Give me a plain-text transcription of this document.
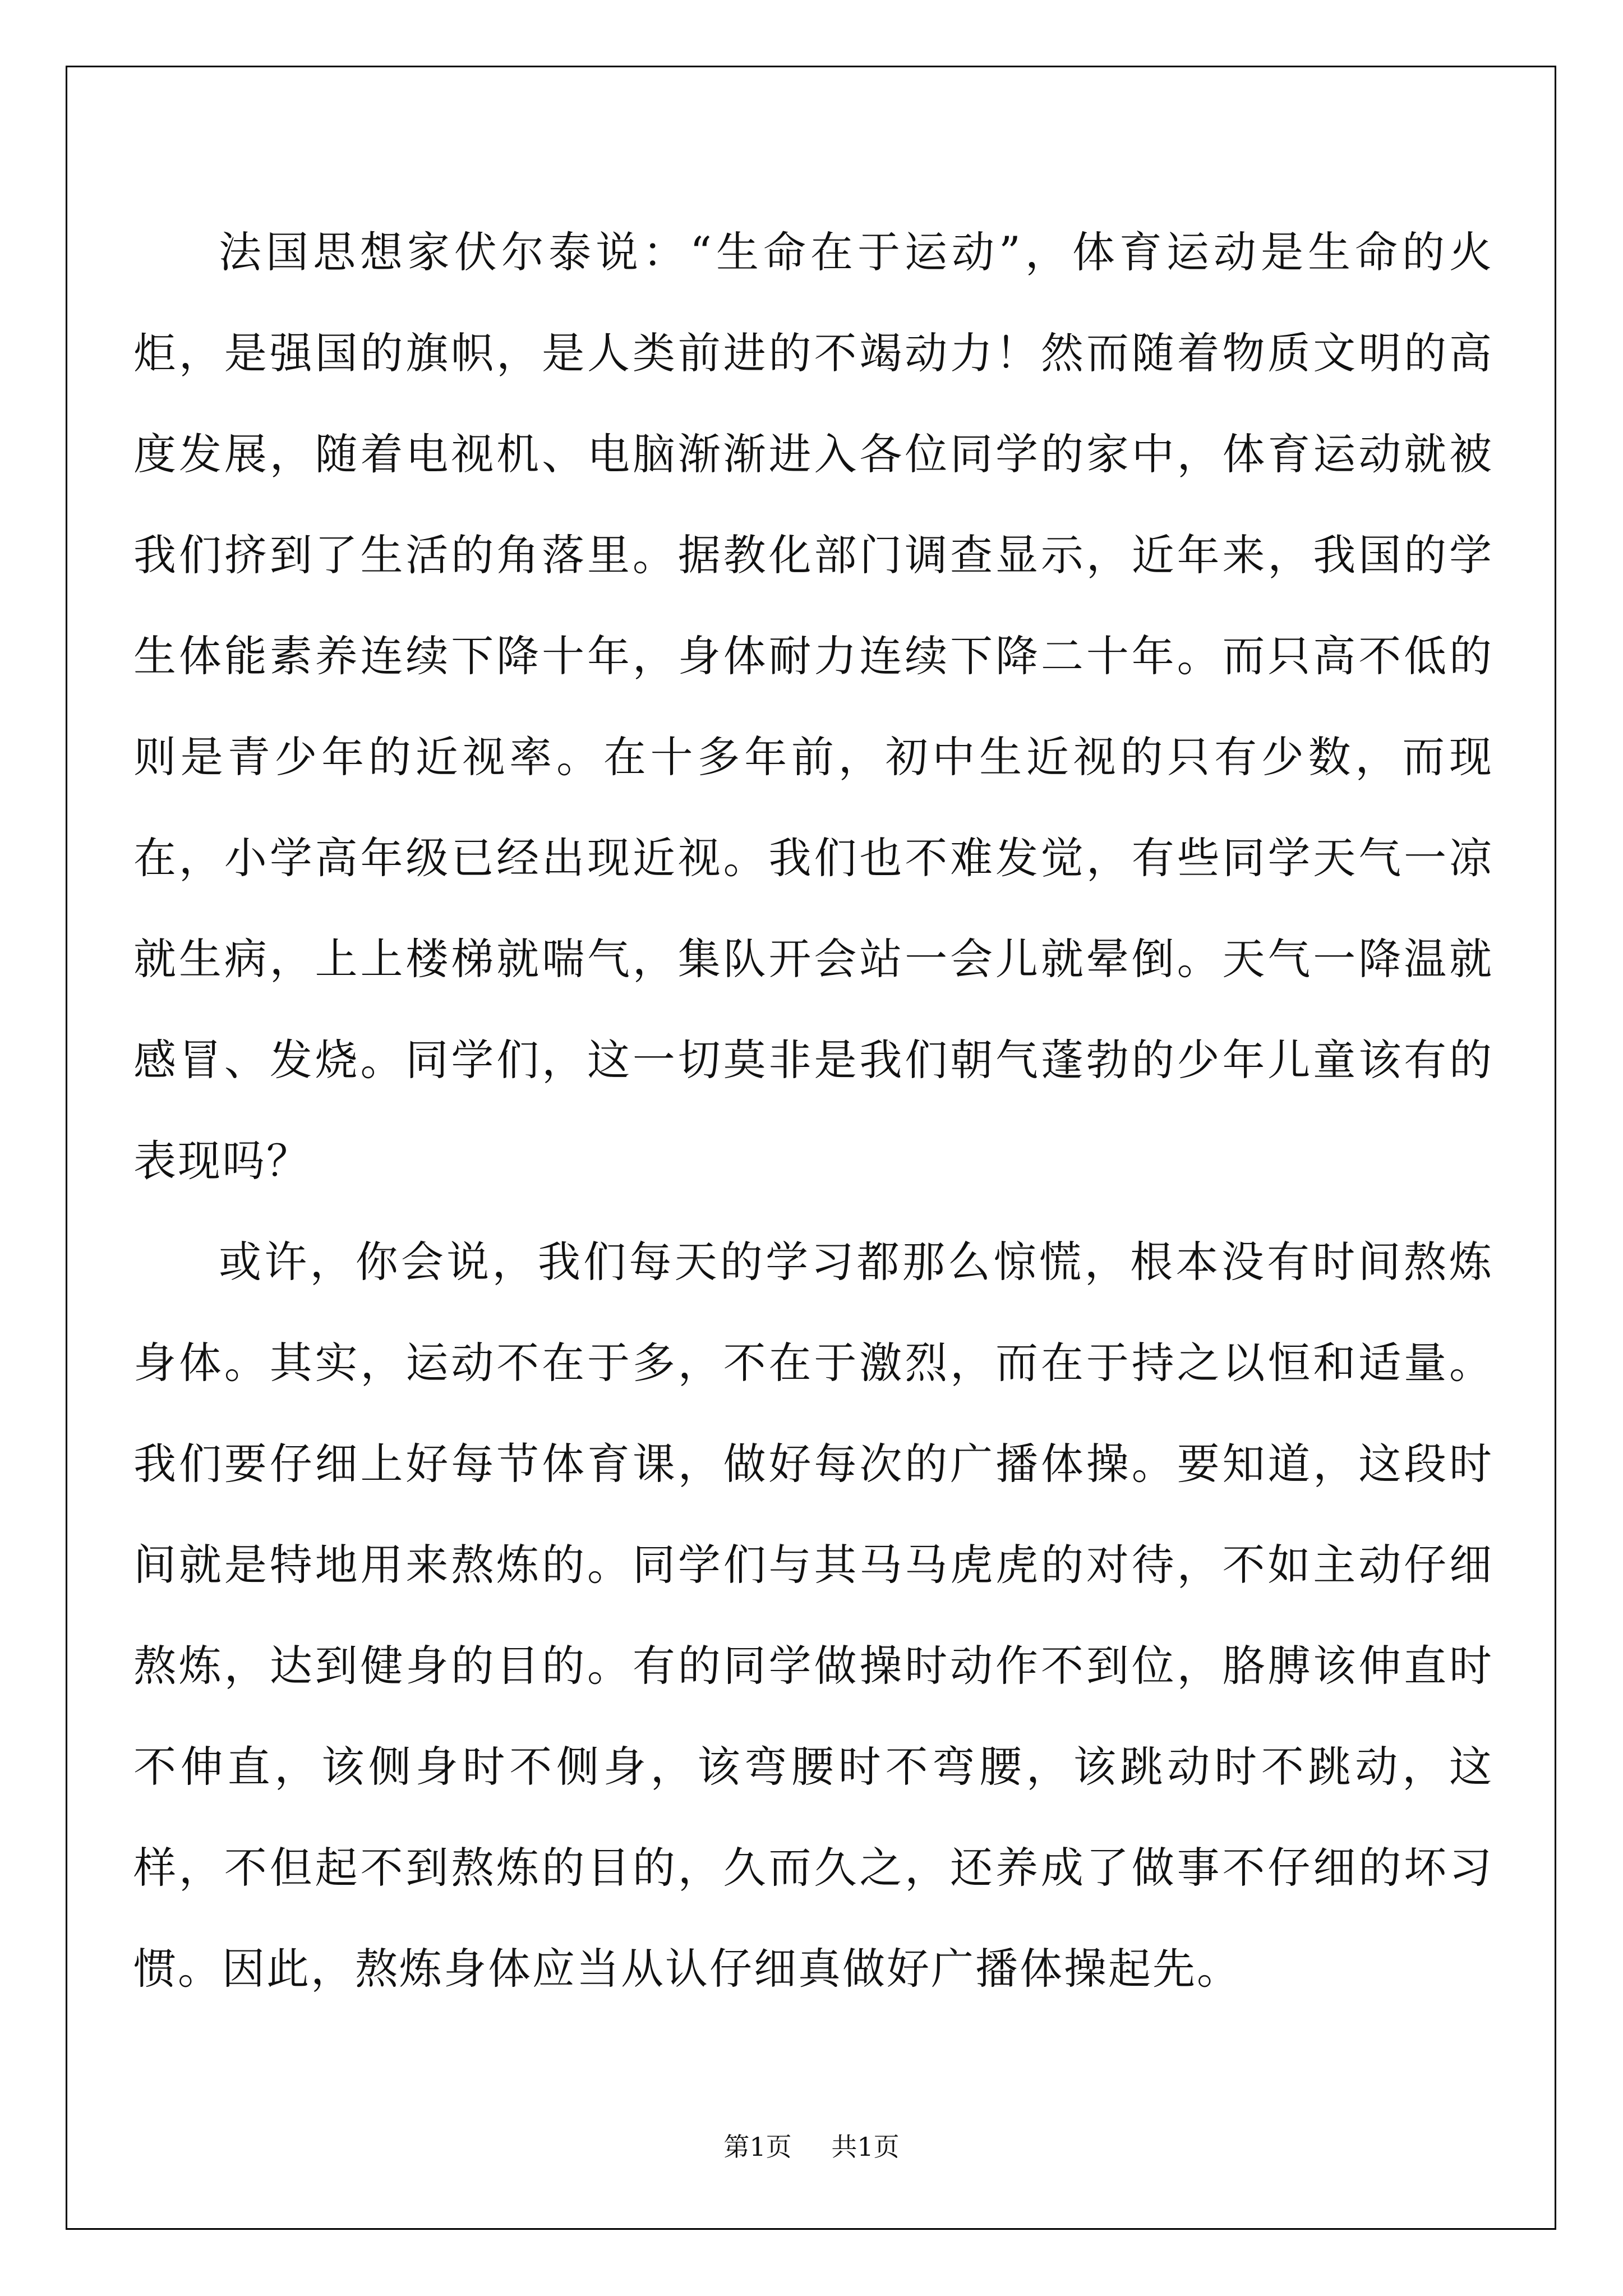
法国思想家伏尔泰说：“生命在于运动”，体育运动是生命的火炬，是强国的旗帜，是人类前进的不竭动力！然而随着物质文明的高度发展，随着电视机、电脑渐渐进入各位同学的家中，体育运动就被我们挤到了生活的角落里。据教化部门调查显示，近年来，我国的学生体能素养连续下降十年，身体耐力连续下降二十年。而只高不低的则是青少年的近视率。在十多年前，初中生近视的只有少数，而现在，小学高年级已经出现近视。我们也不难发觉，有些同学天气一凉就生病，上上楼梯就喘气，集队开会站一会儿就晕倒。天气一降温就感冒、发烧。同学们，这一切莫非是我们朝气蓬勃的少年儿童该有的表现吗？

或许，你会说，我们每天的学习都那么惊慌，根本没有时间熬炼身体。其实，运动不在于多，不在于激烈，而在于持之以恒和适量。我们要仔细上好每节体育课，做好每次的广播体操。要知道，这段时间就是特地用来熬炼的。同学们与其马马虎虎的对待，不如主动仔细熬炼，达到健身的目的。有的同学做操时动作不到位，胳膊该伸直时不伸直，该侧身时不侧身，该弯腰时不弯腰，该跳动时不跳动，这样，不但起不到熬炼的目的，久而久之，还养成了做事不仔细的坏习惯。因此，熬炼身体应当从认仔细真做好广播体操起先。

第1页 共1页
